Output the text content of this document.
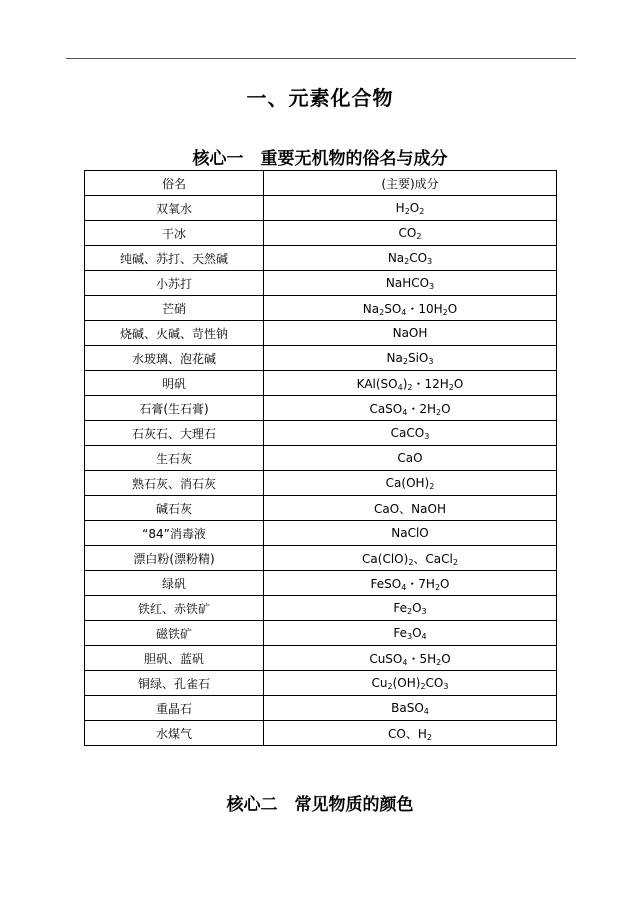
一、元素化合物
核心一　重要无机物的俗名与成分
俗名	(主要)成分
双氧水	$H_2O_2$
干冰	$CO_2$
纯碱、苏打、天然碱	$Na_2CO_3$
小苏打	NaHCO$_3$
芒硝	$Na_2SO_4$・$10H_2O$
烧碱、火碱、苛性钠	NaOH
水玻璃、泡花碱	$Na_2SiO_3$
明矾	$KAl(SO_4)_2$・$12H_2O$
石膏(生石膏)	CaSO$_4$・$2H_2O$
石灰石、大理石	CaCO$_3$
生石灰	CaO
熟石灰、消石灰	$Ca(OH)_2$
碱石灰	CaO、NaOH
“84”消毒液	NaClO
漂白粉(漂粉精)	$Ca(ClO)_2$、CaCl$_2$
绿矾	FeSO$_4$・$7H_2O$
铁红、赤铁矿	$Fe_2O_3$
磁铁矿	$Fe_3O_4$
胆矾、蓝矾	CuSO$_4$・$5H_2O$
铜绿、孔雀石	$Cu_2(OH)_2CO_3$
重晶石	BaSO$_4$
水煤气	CO、$H_2$
核心二　常见物质的颜色
